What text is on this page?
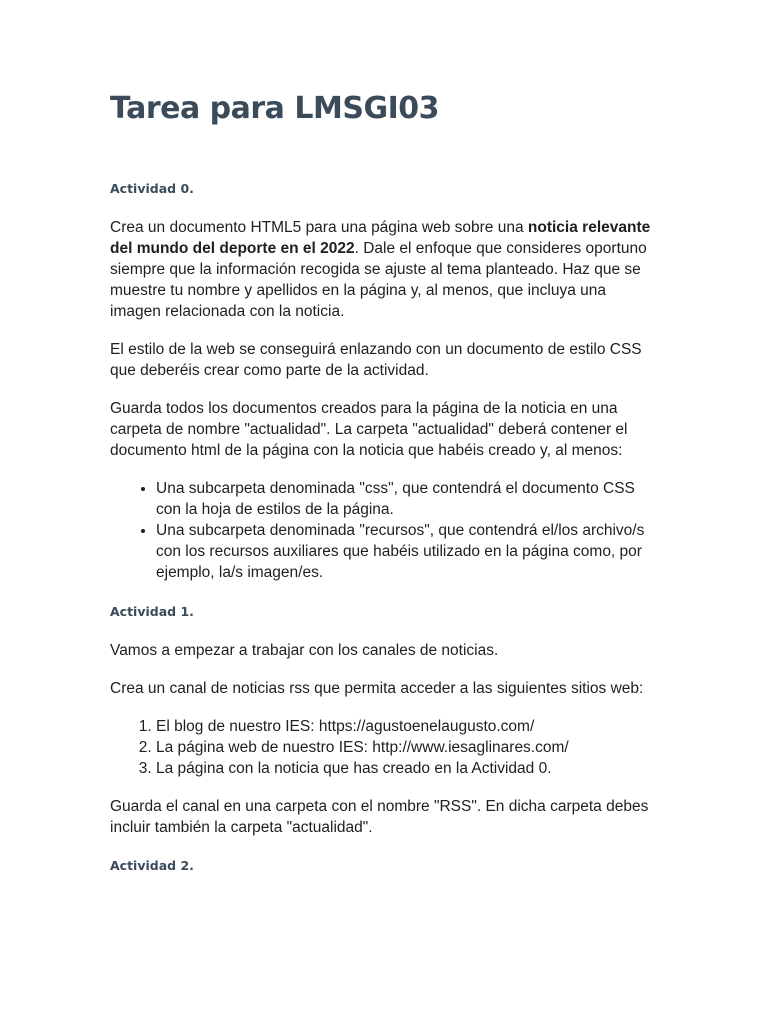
Tarea para LMSGI03
Actividad 0.

Crea un documento HTML5 para una página web sobre una noticia relevante del mundo del deporte en el 2022. Dale el enfoque que consideres oportuno siempre que la información recogida se ajuste al tema planteado. Haz que se muestre tu nombre y apellidos en la página y, al menos, que incluya una imagen relacionada con la noticia.

El estilo de la web se conseguirá enlazando con un documento de estilo CSS que deberéis crear como parte de la actividad.

Guarda todos los documentos creados para la página de la noticia en una carpeta de nombre "actualidad". La carpeta "actualidad" deberá contener el documento html de la página con la noticia que habéis creado y, al menos:

• Una subcarpeta denominada "css", que contendrá el documento CSS con la hoja de estilos de la página.
• Una subcarpeta denominada "recursos", que contendrá el/los archivo/s con los recursos auxiliares que habéis utilizado en la página como, por ejemplo, la/s imagen/es.
Actividad 1.

Vamos a empezar a trabajar con los canales de noticias.

Crea un canal de noticias rss que permita acceder a las siguientes sitios web:

1. El blog de nuestro IES: https://agustoenelaugusto.com/
2. La página web de nuestro IES: http://www.iesaglinares.com/
3. La página con la noticia que has creado en la Actividad 0.

Guarda el canal en una carpeta con el nombre "RSS". En dicha carpeta debes incluir también la carpeta "actualidad".

Actividad 2.
